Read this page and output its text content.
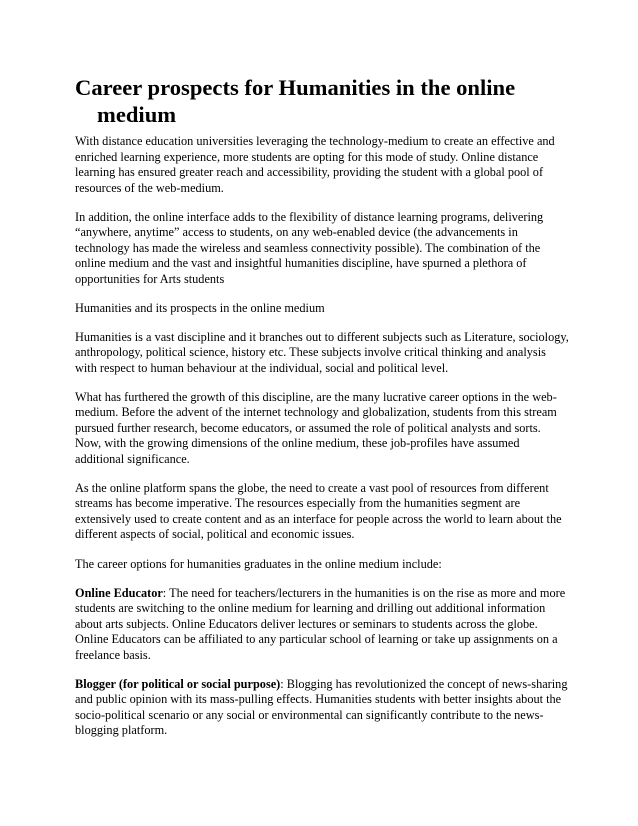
Career prospects for Humanities in the online medium

With distance education universities leveraging the technology-medium to create an effective and enriched learning experience, more students are opting for this mode of study. Online distance learning has ensured greater reach and accessibility, providing the student with a global pool of resources of the web-medium.

In addition, the online interface adds to the flexibility of distance learning programs, delivering “anywhere, anytime” access to students, on any web-enabled device (the advancements in technology has made the wireless and seamless connectivity possible). The combination of the online medium and the vast and insightful humanities discipline, have spurned a plethora of opportunities for Arts students

Humanities and its prospects in the online medium

Humanities is a vast discipline and it branches out to different subjects such as Literature, sociology, anthropology, political science, history etc. These subjects involve critical thinking and analysis with respect to human behaviour at the individual, social and political level.

What has furthered the growth of this discipline, are the many lucrative career options in the web-medium. Before the advent of the internet technology and globalization, students from this stream pursued further research, become educators, or assumed the role of political analysts and sorts. Now, with the growing dimensions of the online medium, these job-profiles have assumed additional significance.

As the online platform spans the globe, the need to create a vast pool of resources from different streams has become imperative. The resources especially from the humanities segment are extensively used to create content and as an interface for people across the world to learn about the different aspects of social, political and economic issues.

The career options for humanities graduates in the online medium include:

Online Educator: The need for teachers/lecturers in the humanities is on the rise as more and more students are switching to the online medium for learning and drilling out additional information about arts subjects. Online Educators deliver lectures or seminars to students across the globe. Online Educators can be affiliated to any particular school of learning or take up assignments on a freelance basis.

Blogger (for political or social purpose): Blogging has revolutionized the concept of news-sharing and public opinion with its mass-pulling effects. Humanities students with better insights about the socio-political scenario or any social or environmental can significantly contribute to the news-blogging platform.
